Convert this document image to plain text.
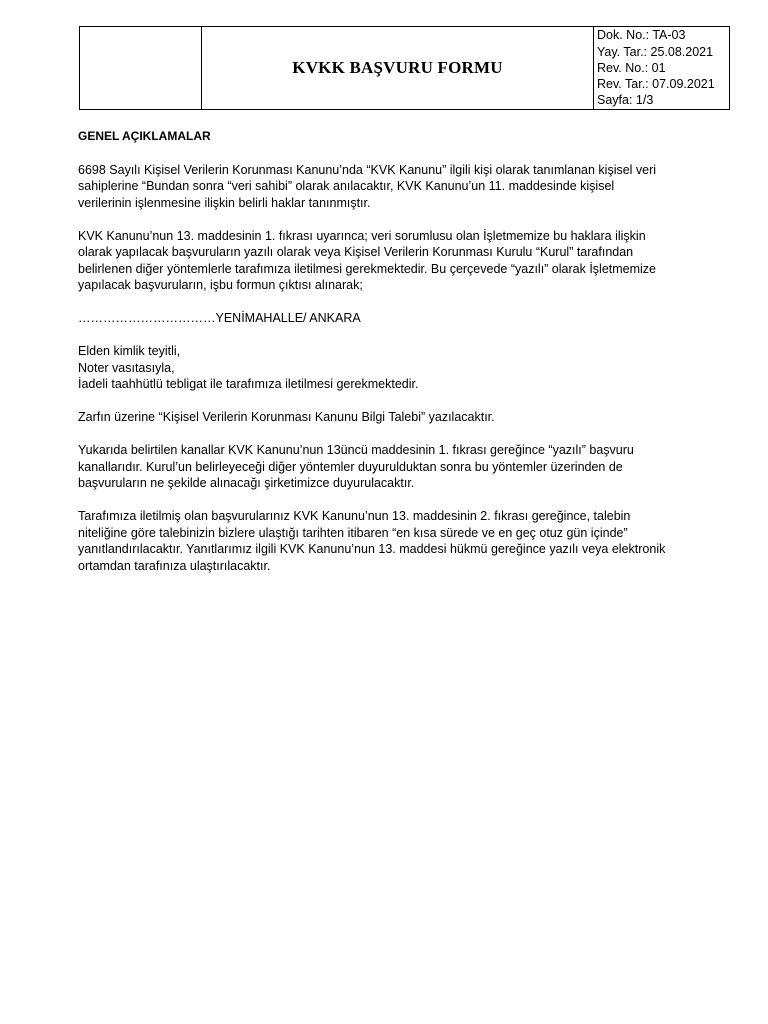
	KVKK BAŞVURU FORMU	
Dok. No.: TA-03
Yay. Tar.: 25.08.2021
Rev. No.: 01
Rev. Tar.: 07.09.2021
Sayfa: 1/3
GENEL AÇIKLAMALAR
6698 Sayılı Kişisel Verilerin Korunması Kanunu’nda “KVK Kanunu” ilgili kişi olarak tanımlanan kişisel veri
sahiplerine “Bundan sonra “veri sahibi” olarak anılacaktır, KVK Kanunu’un 11. maddesinde kişisel
verilerinin işlenmesine ilişkin belirli haklar tanınmıştır.
KVK Kanunu’nun 13. maddesinin 1. fıkrası uyarınca; veri sorumlusu olan İşletmemize bu haklara ilişkin
olarak yapılacak başvuruların yazılı olarak veya Kişisel Verilerin Korunması Kurulu “Kurul” tarafından
belirlenen diğer yöntemlerle tarafımıza iletilmesi gerekmektedir. Bu çerçevede “yazılı” olarak İşletmemize
yapılacak başvuruların, işbu formun çıktısı alınarak;
……………………………YENİMAHALLE/ ANKARA
Elden kimlik teyitli,
Noter vasıtasıyla,
İadeli taahhütlü tebligat ile tarafımıza iletilmesi gerekmektedir.
Zarfın üzerine “Kişisel Verilerin Korunması Kanunu Bilgi Talebi” yazılacaktır.
Yukarıda belirtilen kanallar KVK Kanunu’nun 13üncü maddesinin 1. fıkrası gereğince “yazılı” başvuru
kanallarıdır. Kurul’un belirleyeceği diğer yöntemler duyurulduktan sonra bu yöntemler üzerinden de
başvuruların ne şekilde alınacağı şirketimizce duyurulacaktır.
Tarafımıza iletilmiş olan başvurularınız KVK Kanunu’nun 13. maddesinin 2. fıkrası gereğince, talebin
niteliğine göre talebinizin bizlere ulaştığı tarihten itibaren “en kısa sürede ve en geç otuz gün içinde”
yanıtlandırılacaktır. Yanıtlarımız ilgili KVK Kanunu’nun 13. maddesi hükmü gereğince yazılı veya elektronik
ortamdan tarafınıza ulaştırılacaktır.
